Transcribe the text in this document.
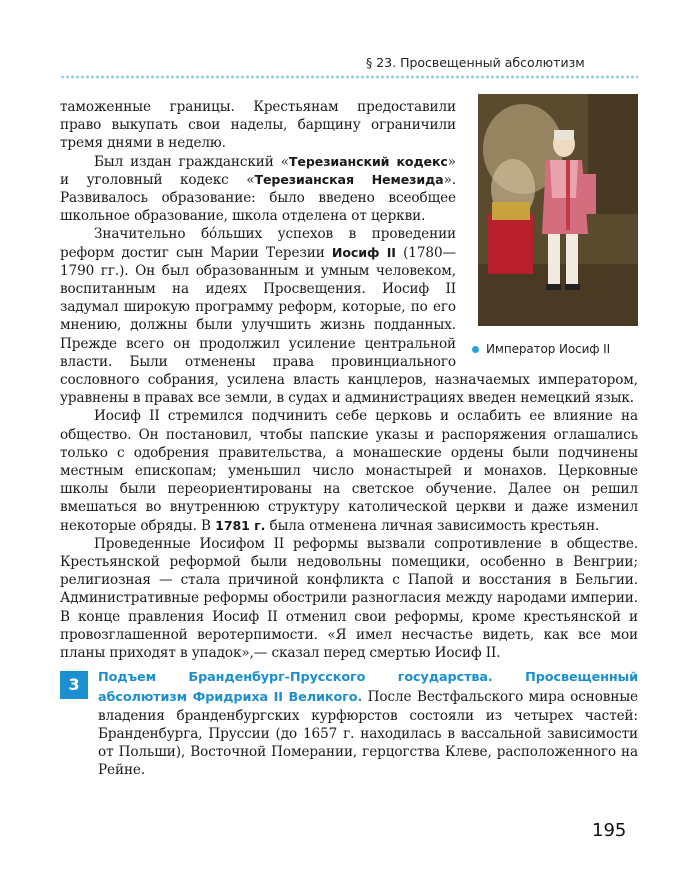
§ 23. Просвещенный абсолютизм
Император Иосиф II

таможенные границы. Крестьянам предоставили право выкупать свои наделы, барщину ограничили тремя днями в неделю.

Был издан гражданский «Терезианский кодекс» и уголовный кодекс «Терезианская Немезида». Развивалось образование: было введено всеобщее школьное образование, школа отделена от церкви.

Значительно бóльших успехов в проведении реформ достиг сын Марии Терезии Иосиф II (1780—1790 гг.). Он был образованным и умным человеком, воспитанным на идеях Просвещения. Иосиф II задумал широкую программу реформ, которые, по его мнению, должны были улучшить жизнь подданных. Прежде всего он продолжил усиление центральной власти. Были отменены права провинциального сословного собрания, усилена власть канцлеров, назначаемых императором, уравнены в правах все земли, в судах и администрациях введен немецкий язык.

Иосиф II стремился подчинить себе церковь и ослабить ее влияние на общество. Он постановил, чтобы папские указы и распоряжения оглашались только с одобрения правительства, а монашеские ордены были подчинены местным епископам; уменьшил число монастырей и монахов. Церковные школы были переориентированы на светское обучение. Далее он решил вмешаться во внутреннюю структуру католической церкви и даже изменил некоторые обряды. В 1781 г. была отменена личная зависимость крестьян.

Проведенные Иосифом II реформы вызвали сопротивление в обществе. Крестьянской реформой были недовольны помещики, особенно в Венгрии; религиозная — стала причиной конфликта с Папой и восстания в Бельгии. Административные реформы обострили разногласия между народами империи. В конце правления Иосиф II отменил свои реформы, кроме крестьянской и провозглашенной веротерпимости. «Я имел несчастье видеть, как все мои планы приходят в упадок»,— сказал перед смертью Иосиф II.

3	Подъем Бранденбург-Прусского государства. Просвещенный абсолютизм Фридриха II Великого. После Вестфальского мира основные владения бранденбургских курфюрстов состояли из четырех частей: Бранденбурга, Пруссии (до 1657 г. находилась в вассальной зависимости от Польши), Восточной Померании, герцогства Клеве, расположенного на Рейне.

195
